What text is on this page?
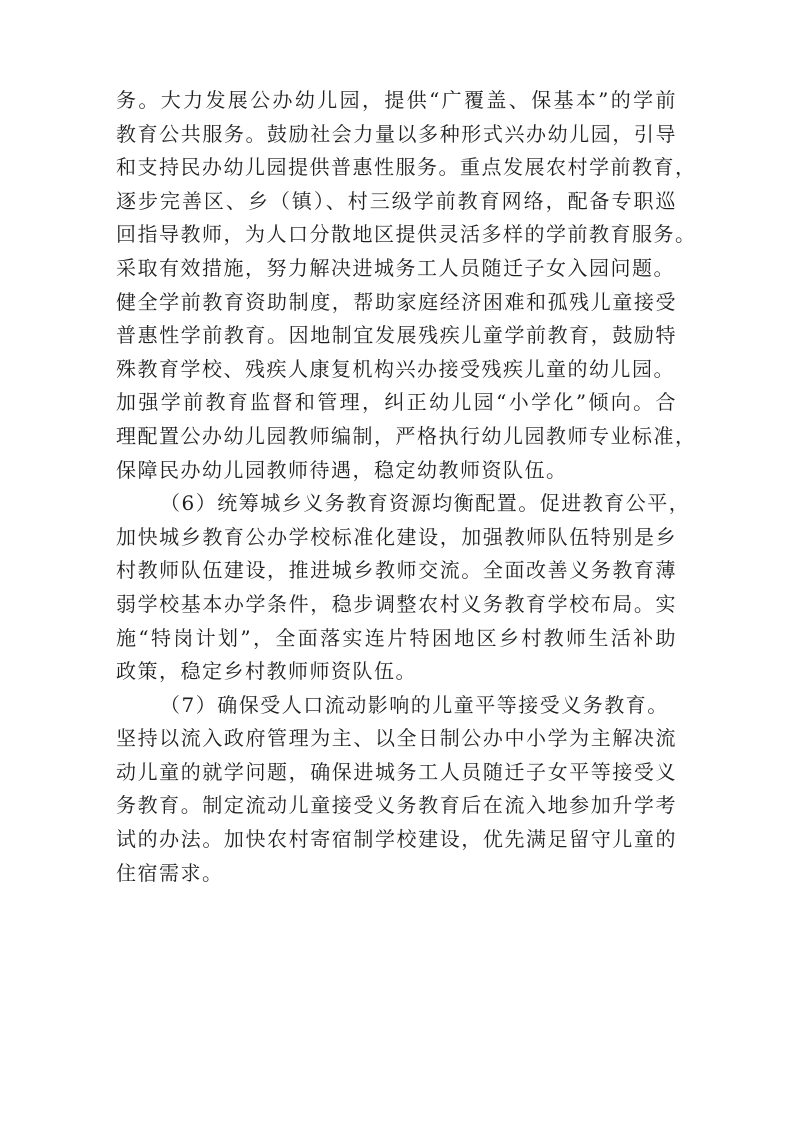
务。大力发展公办幼儿园，提供“广覆盖、保基本”的学前
教育公共服务。鼓励社会力量以多种形式兴办幼儿园，引导
和支持民办幼儿园提供普惠性服务。重点发展农村学前教育，
逐步完善区、乡（镇）、村三级学前教育网络，配备专职巡
回指导教师，为人口分散地区提供灵活多样的学前教育服务。
采取有效措施，努力解决进城务工人员随迁子女入园问题。
健全学前教育资助制度，帮助家庭经济困难和孤残儿童接受
普惠性学前教育。因地制宜发展残疾儿童学前教育，鼓励特
殊教育学校、残疾人康复机构兴办接受残疾儿童的幼儿园。
加强学前教育监督和管理，纠正幼儿园“小学化”倾向。合
理配置公办幼儿园教师编制，严格执行幼儿园教师专业标准，
保障民办幼儿园教师待遇，稳定幼教师资队伍。
（6）统筹城乡义务教育资源均衡配置。促进教育公平，
加快城乡教育公办学校标准化建设，加强教师队伍特别是乡
村教师队伍建设，推进城乡教师交流。全面改善义务教育薄
弱学校基本办学条件，稳步调整农村义务教育学校布局。实
施“特岗计划”，全面落实连片特困地区乡村教师生活补助
政策，稳定乡村教师师资队伍。
（7）确保受人口流动影响的儿童平等接受义务教育。
坚持以流入政府管理为主、以全日制公办中小学为主解决流
动儿童的就学问题，确保进城务工人员随迁子女平等接受义
务教育。制定流动儿童接受义务教育后在流入地参加升学考
试的办法。加快农村寄宿制学校建设，优先满足留守儿童的
住宿需求。
